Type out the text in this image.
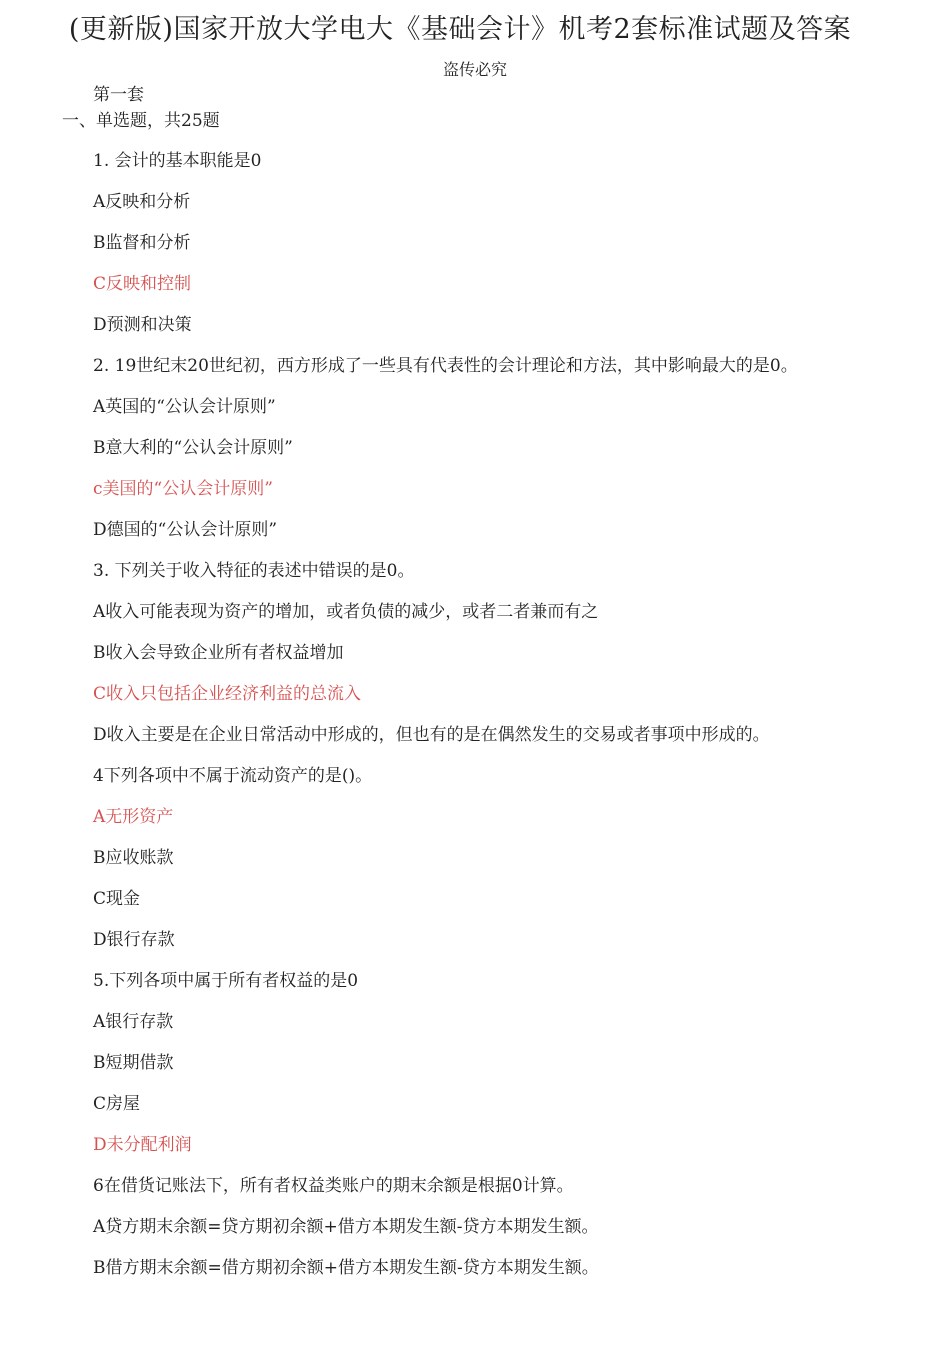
(更新版)国家开放大学电大《基础会计》机考2套标准试题及答案
盗传必究
第一套
一、单选题，共25题
1. 会计的基本职能是0
A反映和分析
B监督和分析
C反映和控制
D预测和决策
2. 19世纪末20世纪初，西方形成了一些具有代表性的会计理论和方法，其中影响最大的是0。
A英国的“公认会计原则”
B意大利的“公认会计原则”
c美国的“公认会计原则”
D德国的“公认会计原则”
3. 下列关于收入特征的表述中错误的是0。
A收入可能表现为资产的增加，或者负债的减少，或者二者兼而有之
B收入会导致企业所有者权益增加
C收入只包括企业经济利益的总流入
D收入主要是在企业日常活动中形成的，但也有的是在偶然发生的交易或者事项中形成的。
4下列各项中不属于流动资产的是()。
A无形资产
B应收账款
C现金
D银行存款
5.下列各项中属于所有者权益的是0
A银行存款
B短期借款
C房屋
D未分配利润
6在借货记账法下，所有者权益类账户的期末余额是根据0计算。
A贷方期末余额=贷方期初余额+借方本期发生额-贷方本期发生额。
B借方期末余额=借方期初余额+借方本期发生额-贷方本期发生额。
